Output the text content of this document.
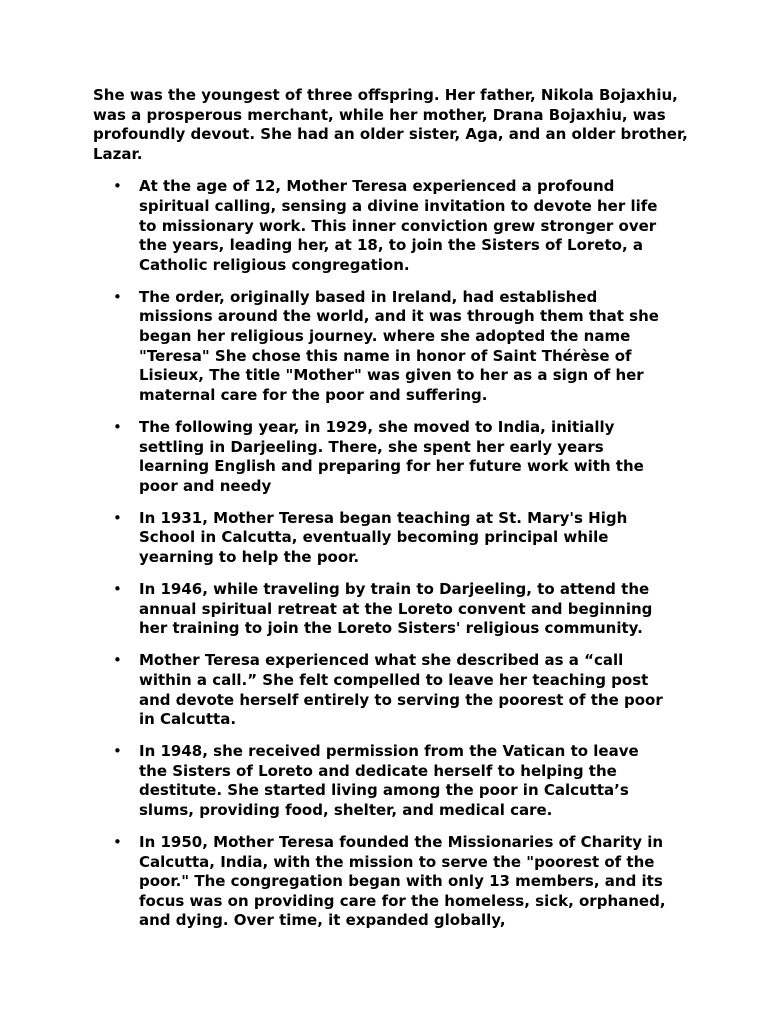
She was the youngest of three offspring. Her father, Nikola Bojaxhiu, was a prosperous merchant, while her mother, Drana Bojaxhiu, was profoundly devout. She had an older sister, Aga, and an older brother, Lazar.

• At the age of 12, Mother Teresa experienced a profound spiritual calling, sensing a divine invitation to devote her life to missionary work. This inner conviction grew stronger over the years, leading her, at 18, to join the Sisters of Loreto, a Catholic religious congregation.
• The order, originally based in Ireland, had established missions around the world, and it was through them that she began her religious journey. where she adopted the name "Teresa" She chose this name in honor of Saint Thérèse of Lisieux, The title "Mother" was given to her as a sign of her maternal care for the poor and suffering.
• The following year, in 1929, she moved to India, initially settling in Darjeeling. There, she spent her early years learning English and preparing for her future work with the poor and needy
• In 1931, Mother Teresa began teaching at St. Mary's High School in Calcutta, eventually becoming principal while yearning to help the poor.
• In 1946, while traveling by train to Darjeeling, to attend the annual spiritual retreat at the Loreto convent and beginning her training to join the Loreto Sisters' religious community.
• Mother Teresa experienced what she described as a “call within a call.” She felt compelled to leave her teaching post and devote herself entirely to serving the poorest of the poor in Calcutta.
• In 1948, she received permission from the Vatican to leave the Sisters of Loreto and dedicate herself to helping the destitute. She started living among the poor in Calcutta’s slums, providing food, shelter, and medical care.
• In 1950, Mother Teresa founded the Missionaries of Charity in Calcutta, India, with the mission to serve the "poorest of the poor." The congregation began with only 13 members, and its focus was on providing care for the homeless, sick, orphaned, and dying. Over time, it expanded globally,
